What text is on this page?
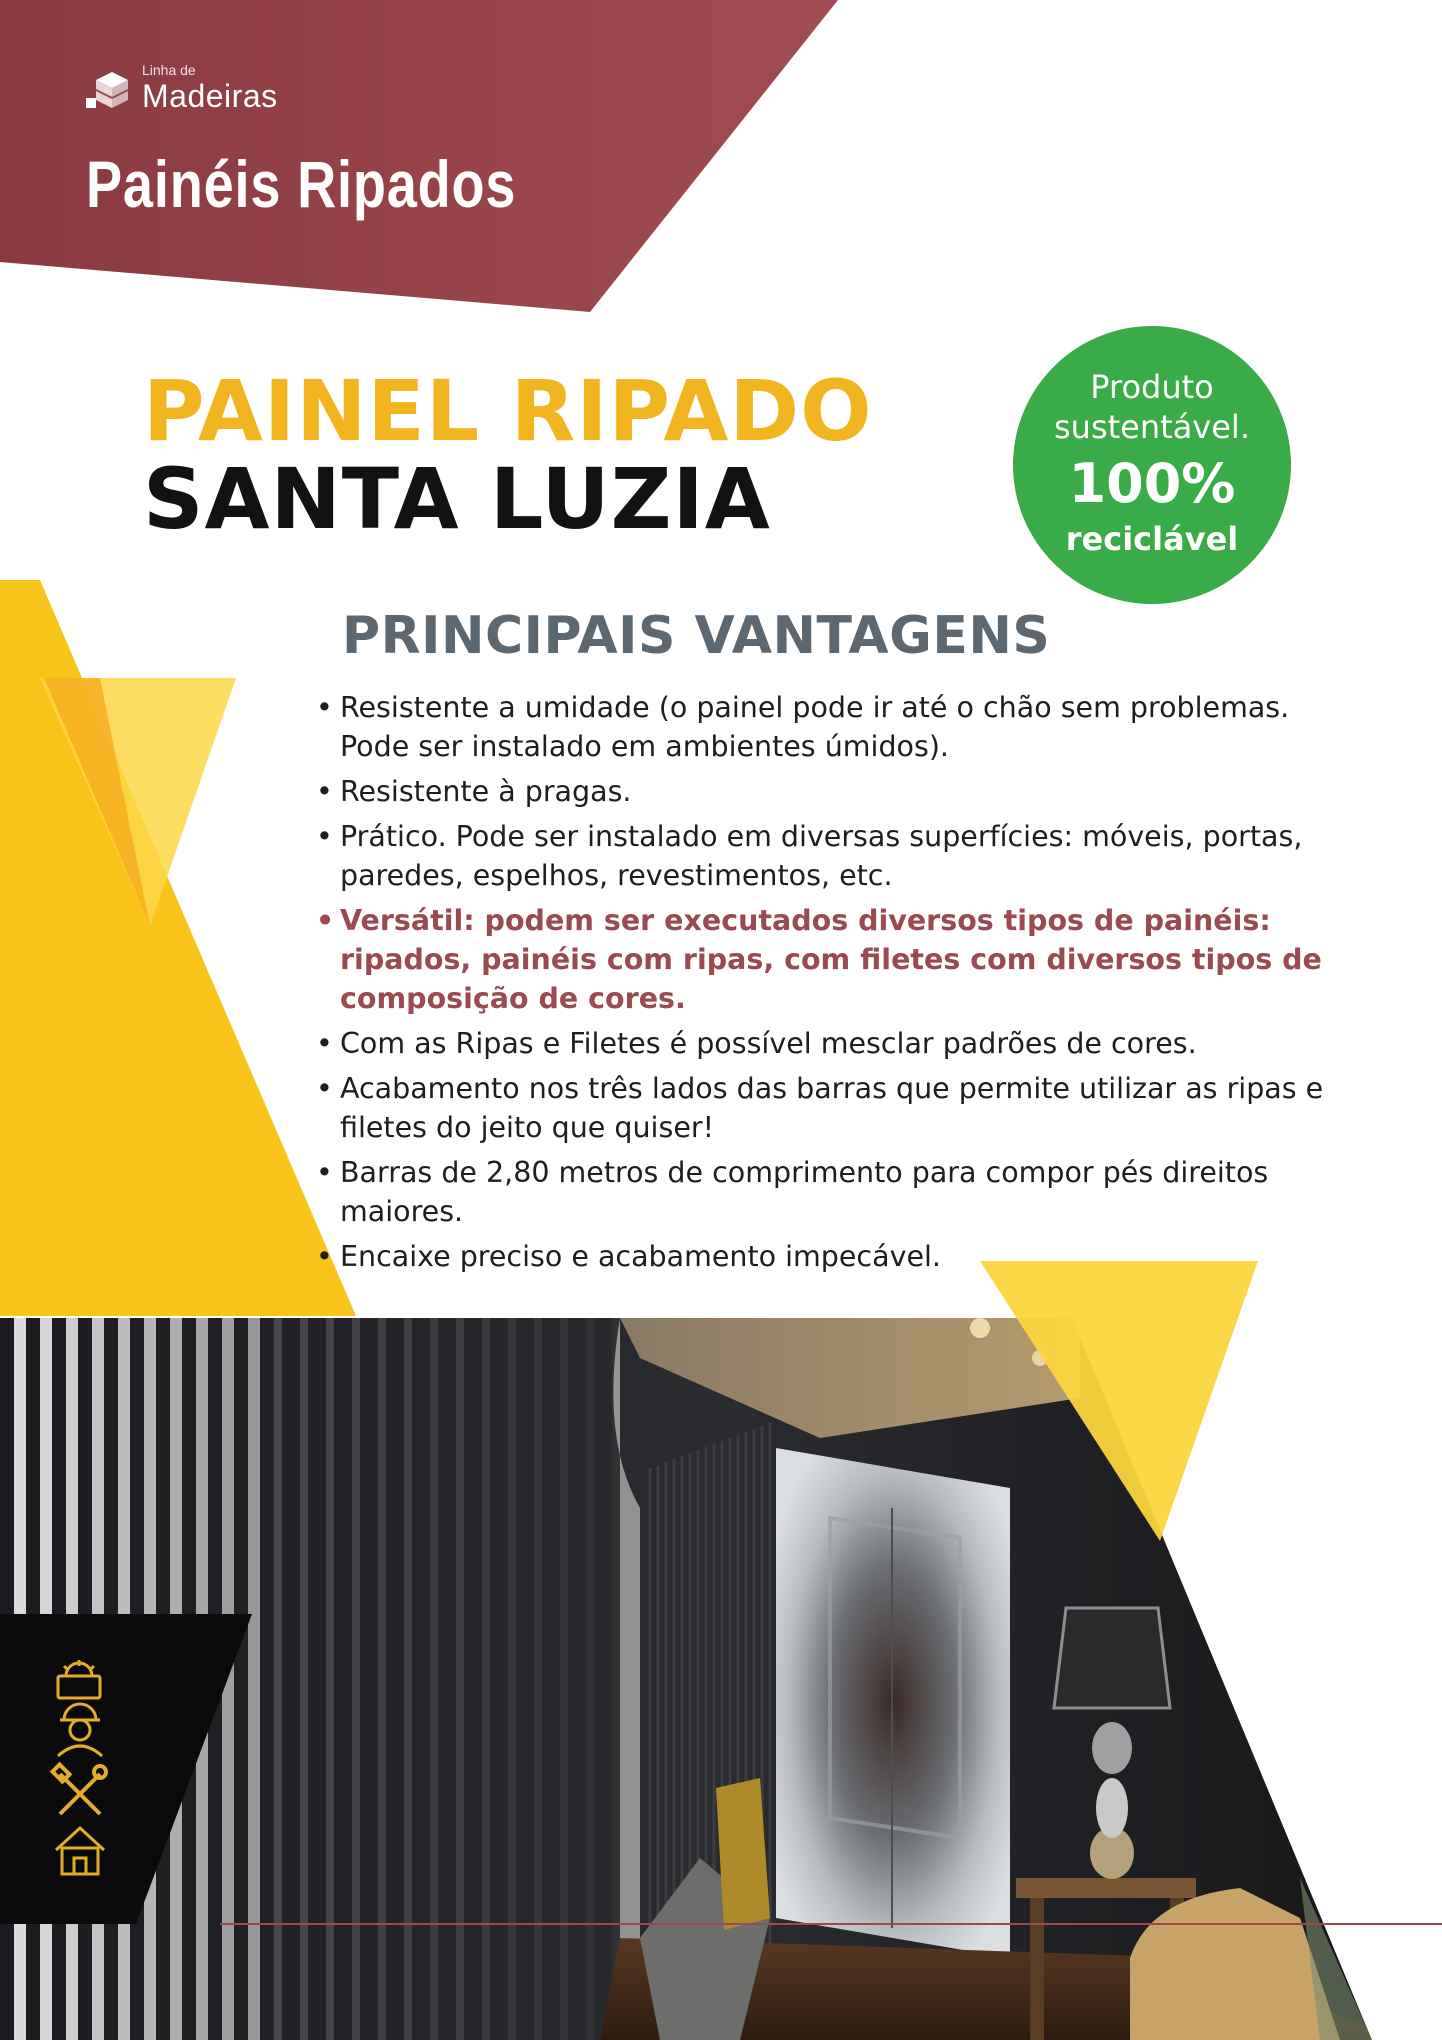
Linha de
Madeiras
Painéis Ripados
PAINEL RIPADO
SANTA LUZIA
Produto
sustentável.
100%
reciclável
PRINCIPAIS VANTAGENS
• Resistente a umidade (o painel pode ir até o chão sem problemas. Pode ser instalado em ambientes úmidos).
• Resistente à pragas.
• Prático. Pode ser instalado em diversas superfícies: móveis, portas, paredes, espelhos, revestimentos, etc.
• Versátil: podem ser executados diversos tipos de painéis: ripados, painéis com ripas, com filetes com diversos tipos de composição de cores.
• Com as Ripas e Filetes é possível mesclar padrões de cores.
• Acabamento nos três lados das barras que permite utilizar as ripas e filetes do jeito que quiser!
• Barras de 2,80 metros de comprimento para compor pés direitos maiores.
• Encaixe preciso e acabamento impecável.
